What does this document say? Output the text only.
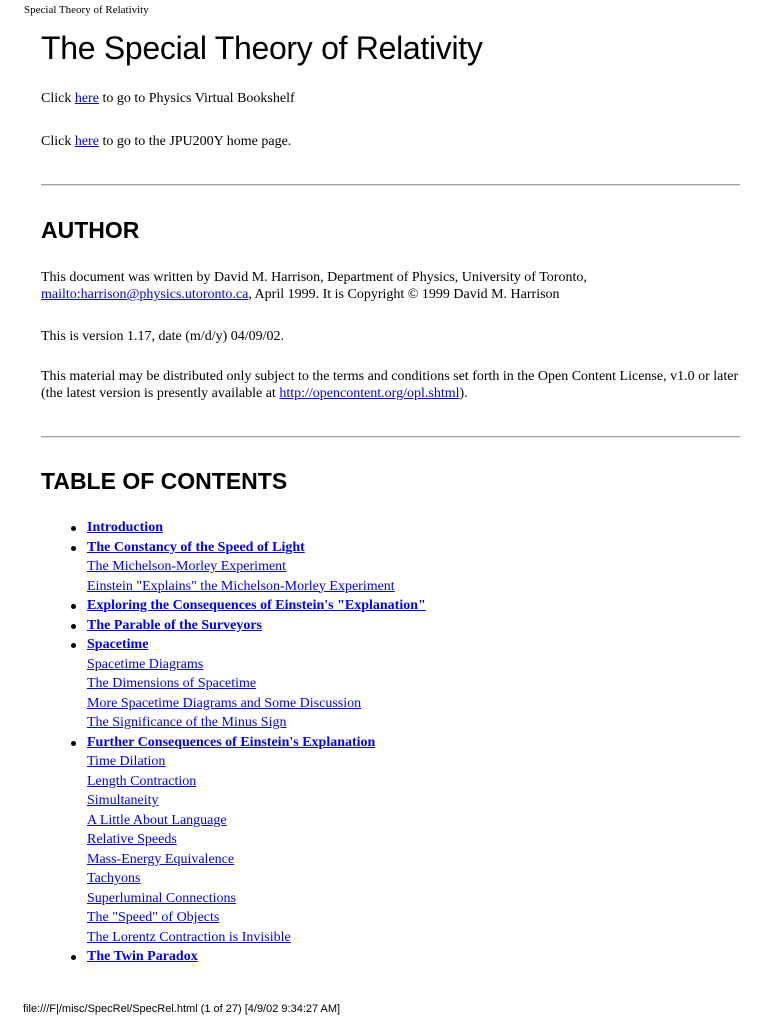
Special Theory of Relativity
The Special Theory of Relativity

Click here to go to Physics Virtual Bookshelf

Click here to go to the JPU200Y home page.

AUTHOR

This document was written by David M. Harrison, Department of Physics, University of Toronto,
mailto:harrison@physics.utoronto.ca, April 1999. It is Copyright © 1999 David M. Harrison

This is version 1.17, date (m/d/y) 04/09/02.

This material may be distributed only subject to the terms and conditions set forth in the Open Content License, v1.0 or later
(the latest version is presently available at http://opencontent.org/opl.shtml).

TABLE OF CONTENTS
Introduction
The Constancy of the Speed of Light
The Michelson-Morley Experiment
Einstein "Explains" the Michelson-Morley Experiment
Exploring the Consequences of Einstein's "Explanation"
The Parable of the Surveyors
Spacetime
Spacetime Diagrams
The Dimensions of Spacetime
More Spacetime Diagrams and Some Discussion
The Significance of the Minus Sign
Further Consequences of Einstein's Explanation
Time Dilation
Length Contraction
Simultaneity
A Little About Language
Relative Speeds
Mass-Energy Equivalence
Tachyons
Superluminal Connections
The "Speed" of Objects
The Lorentz Contraction is Invisible
The Twin Paradox
file:///F|/misc/SpecRel/SpecRel.html (1 of 27) [4/9/02 9:34:27 AM]
